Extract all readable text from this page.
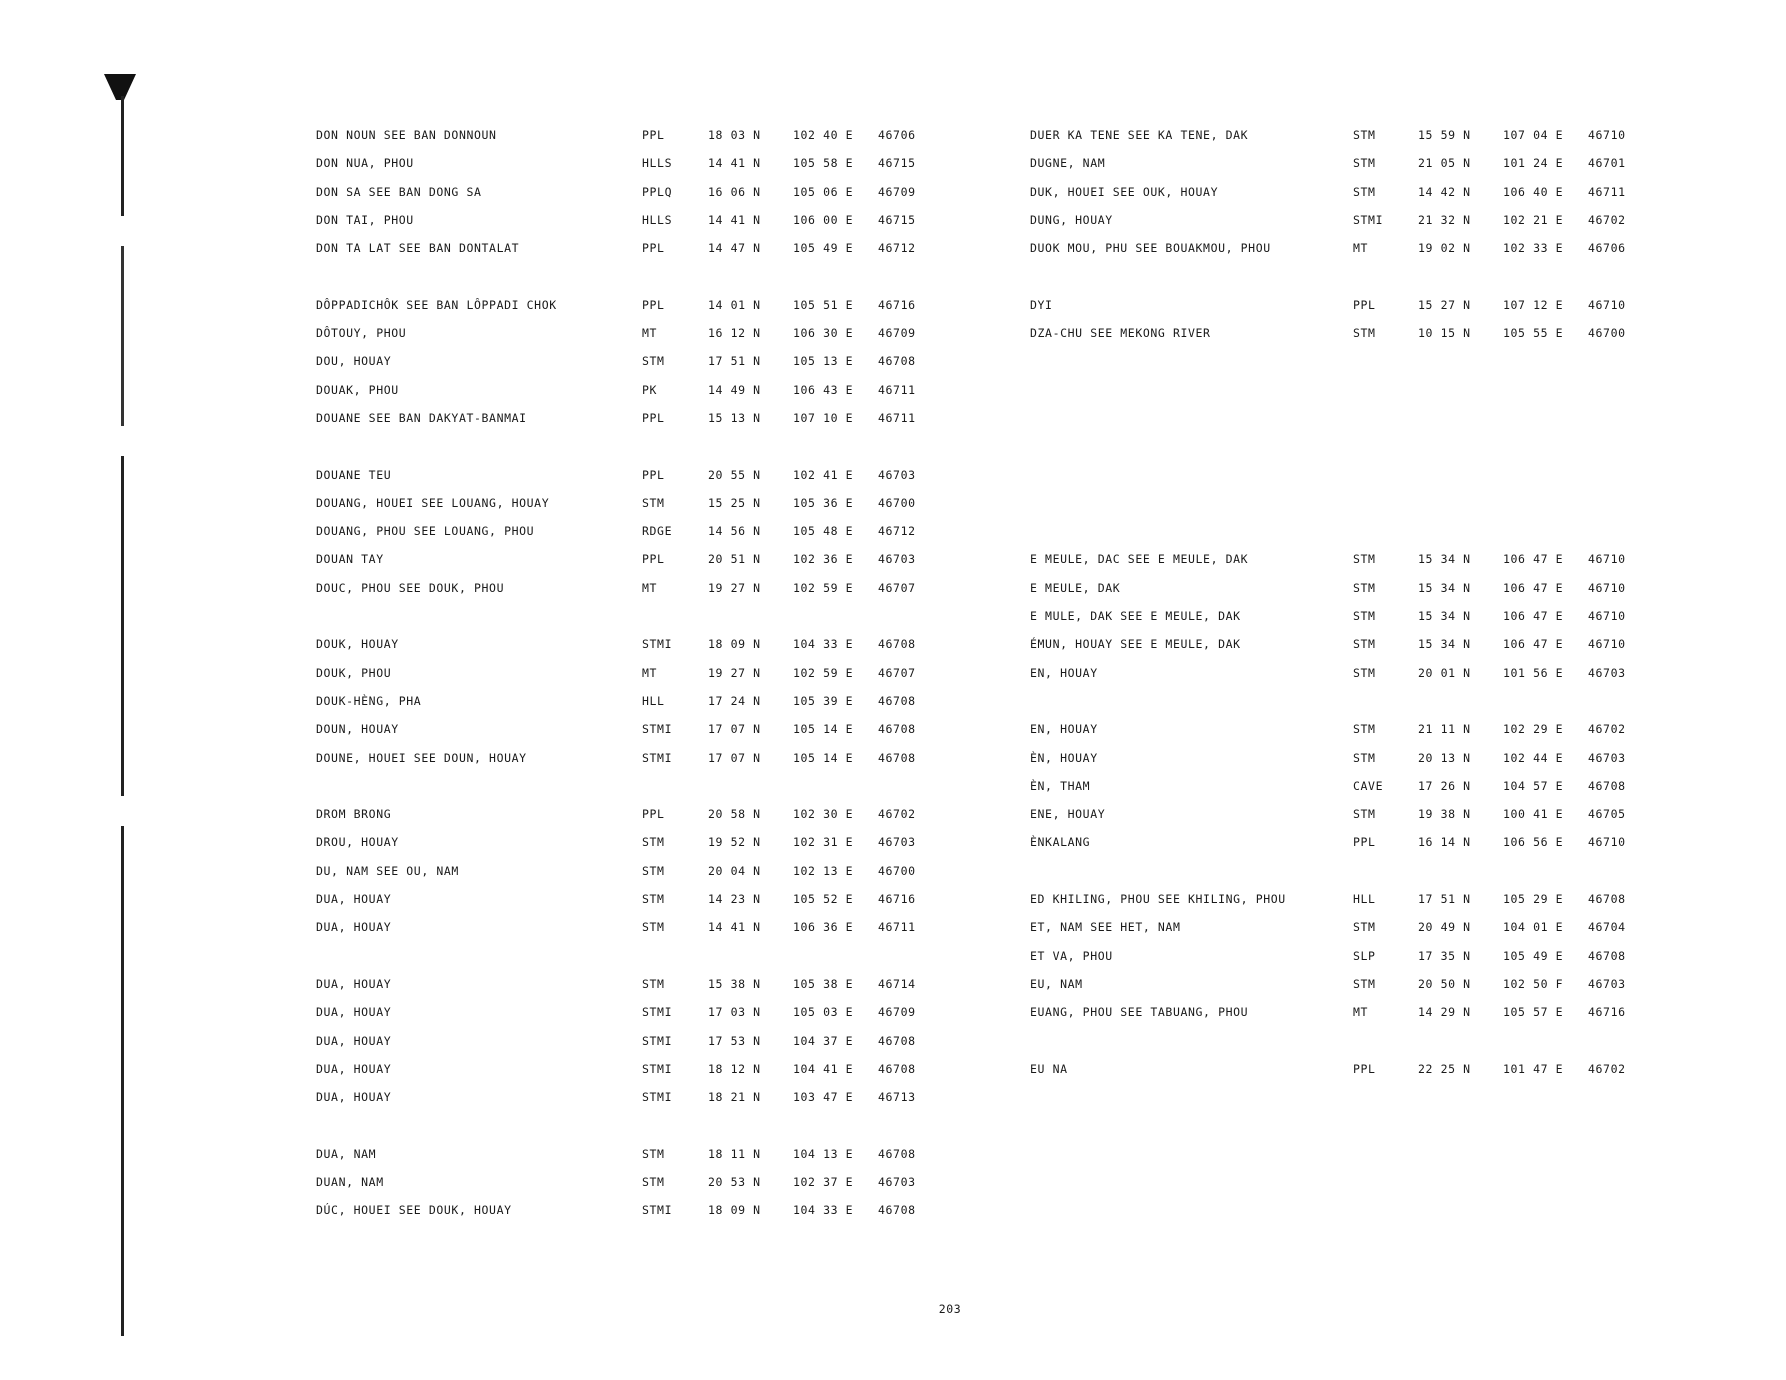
DON NOUN SEE BAN DONNOUN	PPL	18 03 N	102 40 E 46706
DON NUA, PHOU	HLLS	14 41 N	105 58 E 46715
DON SA SEE BAN DONG SA	PPLQ	16 06 N	105 06 E 46709
DON TAI, PHOU	HLLS	14 41 N	106 00 E 46715
DON TA LAT SEE BAN DONTALAT	PPL	14 47 N	105 49 E 46712
DÔPPADICHÔK SEE BAN LÔPPADI CHOK	PPL	14 01 N	105 51 E 46716
DÔTOUY, PHOU	MT	16 12 N	106 30 E 46709
DOU, HOUAY	STM	17 51 N	105 13 E 46708
DOUAK, PHOU	PK	14 49 N	106 43 E 46711
DOUANE SEE BAN DAKYAT-BANMAI	PPL	15 13 N	107 10 E 46711
DOUANE TEU	PPL	20 55 N	102 41 E 46703
DOUANG, HOUEI SEE LOUANG, HOUAY	STM	15 25 N	105 36 E 46700
DOUANG, PHOU SEE LOUANG, PHOU	RDGE	14 56 N	105 48 E 46712
DOUAN TAY	PPL	20 51 N	102 36 E 46703
DOUC, PHOU SEE DOUK, PHOU	MT	19 27 N	102 59 E 46707
DOUK, HOUAY	STMI	18 09 N	104 33 E 46708
DOUK, PHOU	MT	19 27 N	102 59 E 46707
DOUK-HÈNG, PHA	HLL	17 24 N	105 39 E 46708
DOUN, HOUAY	STMI	17 07 N	105 14 E 46708
DOUNE, HOUEI SEE DOUN, HOUAY	STMI	17 07 N	105 14 E 46708
DROM BRONG	PPL	20 58 N	102 30 E 46702
DROU, HOUAY	STM	19 52 N	102 31 E 46703
DU, NAM SEE OU, NAM	STM	20 04 N	102 13 E 46700
DUA, HOUAY	STM	14 23 N	105 52 E 46716
DUA, HOUAY	STM	14 41 N	106 36 E 46711
DUA, HOUAY	STM	15 38 N	105 38 E 46714
DUA, HOUAY	STMI	17 03 N	105 03 E 46709
DUA, HOUAY	STMI	17 53 N	104 37 E 46708
DUA, HOUAY	STMI	18 12 N	104 41 E 46708
DUA, HOUAY	STMI	18 21 N	103 47 E 46713
DUA, NAM	STM	18 11 N	104 13 E 46708
DUAN, NAM	STM	20 53 N	102 37 E 46703
DÚC, HOUEI SEE DOUK, HOUAY	STMI	18 09 N	104 33 E 46708
DUER KA TENE SEE KA TENE, DAK	STM	15 59 N	107 04 E 46710
DUGNE, NAM	STM	21 05 N	101 24 E 46701
DUK, HOUEI SEE OUK, HOUAY	STM	14 42 N	106 40 E 46711
DUNG, HOUAY	STMI	21 32 N	102 21 E 46702
DUOK MOU, PHU SEE BOUAKMOU, PHOU	MT	19 02 N	102 33 E 46706
DYI	PPL	15 27 N	107 12 E 46710
DZA-CHU SEE MEKONG RIVER	STM	10 15 N	105 55 E 46700
E MEULE, DAC SEE E MEULE, DAK	STM	15 34 N	106 47 E 46710
E MEULE, DAK	STM	15 34 N	106 47 E 46710
E MULE, DAK SEE E MEULE, DAK	STM	15 34 N	106 47 E 46710
ÉMUN, HOUAY SEE E MEULE, DAK	STM	15 34 N	106 47 E 46710
EN, HOUAY	STM	20 01 N	101 56 E 46703
EN, HOUAY	STM	21 11 N	102 29 E 46702
ÈN, HOUAY	STM	20 13 N	102 44 E 46703
ÈN, THAM	CAVE	17 26 N	104 57 E 46708
ENE, HOUAY	STM	19 38 N	100 41 E 46705
ÈNKALANG	PPL	16 14 N	106 56 E 46710
ED KHILING, PHOU SEE KHILING, PHOU	HLL	17 51 N	105 29 E 46708
ET, NAM SEE HET, NAM	STM	20 49 N	104 01 E 46704
ET VA, PHOU	SLP	17 35 N	105 49 E 46708
EU, NAM	STM	20 50 N	102 50 F 46703
EUANG, PHOU SEE TABUANG, PHOU	MT	14 29 N	105 57 E 46716
EU NA	PPL	22 25 N	101 47 E 46702
203
